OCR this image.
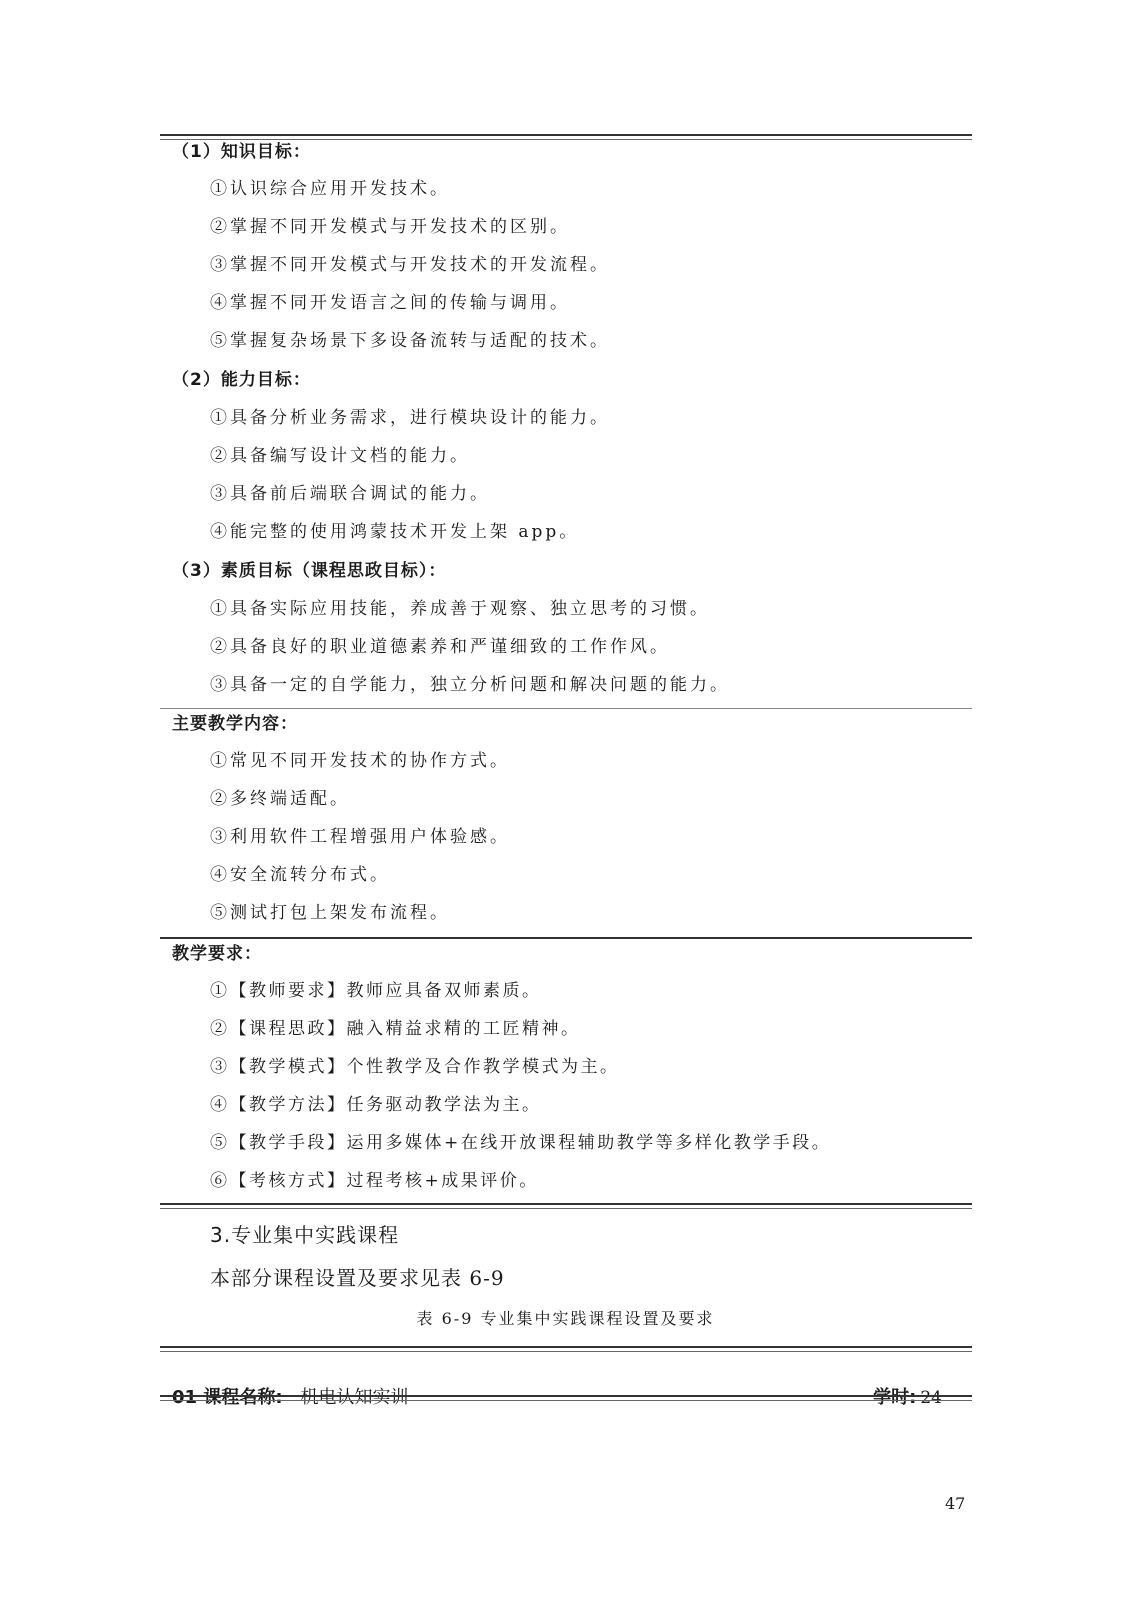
（1）知识目标：
①认识综合应用开发技术。
②掌握不同开发模式与开发技术的区别。
③掌握不同开发模式与开发技术的开发流程。
④掌握不同开发语言之间的传输与调用。
⑤掌握复杂场景下多设备流转与适配的技术。
（2）能力目标：
①具备分析业务需求，进行模块设计的能力。
②具备编写设计文档的能力。
③具备前后端联合调试的能力。
④能完整的使用鸿蒙技术开发上架 app。
（3）素质目标（课程思政目标）：
①具备实际应用技能，养成善于观察、独立思考的习惯。
②具备良好的职业道德素养和严谨细致的工作作风。
③具备一定的自学能力，独立分析问题和解决问题的能力。
主要教学内容：
①常见不同开发技术的协作方式。
②多终端适配。
③利用软件工程增强用户体验感。
④安全流转分布式。
⑤测试打包上架发布流程。
教学要求：
①【教师要求】教师应具备双师素质。
②【课程思政】融入精益求精的工匠精神。
③【教学模式】个性教学及合作教学模式为主。
④【教学方法】任务驱动教学法为主。
⑤【教学手段】运用多媒体+在线开放课程辅助教学等多样化教学手段。
⑥【考核方式】过程考核+成果评价。
3.专业集中实践课程
本部分课程设置及要求见表 6-9
表 6-9 专业集中实践课程设置及要求
01 课程名称: 机电认知实训	学时: 24
47
